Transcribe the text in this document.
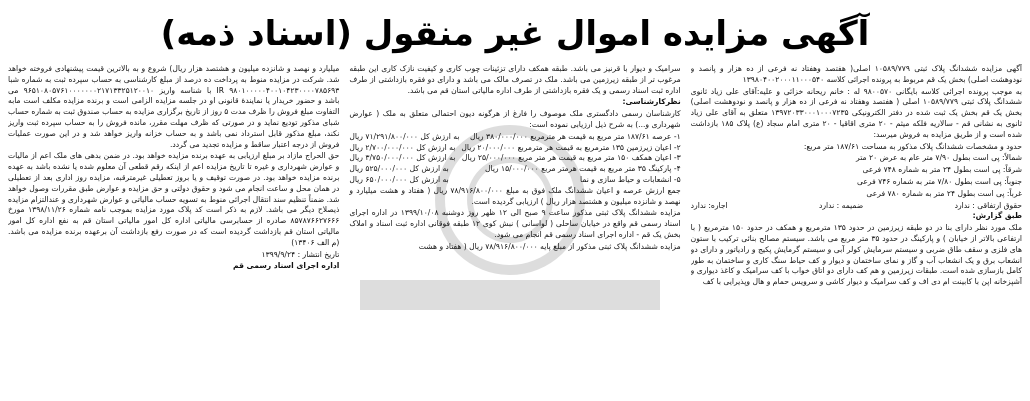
آگهی مزایده اموال غیر منقول (اسناد ذمه)

آگهی مزایده ششدانگ پلاک ثبتی ۱۰۵۸۹/۷۷۹ اصلی( هفتصد وهفتاد نه فرعی از ده هزار و پانصد و نودوهشت اصلی) بخش یک قم مربوط به پرونده اجرائی کلاسه ۱۳۹۸۰۴۰۰۲۰۰۰۱۱۰۰۰۵۴۰

به موجب پرونده اجرائی کلاسه بایگانی ۹۸۰۰۵۷۰ له : خانم ریحانه خزائی و علیه:آقای علی زیاد ثانوی ششدانگ پلاک ثبتی ۱۰۵۸۹/۷۷۹ اصلی ( هفتصد وهفتاد نه فرعی از ده هزار و پانصد و نودوهشت اصلی) بخش یک قم بخش یک ثبت شده در دفتر الکترونیکی ۱۳۹۷۲۰۳۳۰۰۰۱۰۰۰۷۲۳۵ متعلق به آقای علی زیاد ثانوی به نشانی قم - سالاریه فلکه میثم - ۲۰ متری اقاقیا - ۲۰ متری امام سجاد (ع) پلاک ۱۸۵ بازداشت شده است و از طریق مزایده به فروش میرسد:

حدود و مشخصات ششدانگ پلاک مذکور به مساحت ۱۸۷/۶۱ متر مربع:

شمالاً: پی است بطول ۷/۹۰ متر عام به عرض ۲۰ متر

شرقاً: پی است بطول ۲۴ متر به شماره ۷۴۸ فرعی

جنوباً: پی است بطول ۷/۸۰ متر به شماره ۷۴۶ فرعی

غرباً: پی است بطول ۲۴ متر به شماره ۷۸۰ فرعی

حقوق ارتفاقی : ندارد
ضمیمه : ندارد
اجاره: ندارد

طبق گزارش:

ملک مورد نظر دارای بنا در دو طبقه زیرزمین در حدود ۱۳۵ مترمربع و همکف در حدود ۱۵۰ مترمربع ( با ارتفاعی بالاتر از خیابان ) و پارکینگ در حدود ۳۵ متر مربع می باشد. سیستم مصالح بنائی ترکیب با ستون های فلزی و سقف طاق ضربی و سیستم سرمایش کولر آبی و سیستم گرمایش پکیج و رادیاتور و دارای دو انشعاب برق و یک انشعاب آب و گاز و نمای ساختمان و دیوار و کف حیاط سنگ کاری و ساختمان به طور کامل بازسازی شده است. طبقات زیرزمین و هم کف دارای دو اتاق خواب با کف سرامیک و کاغذ دیواری و آشپزخانه اپن با کابینت ام دی اف و کف سرامیک و دیوار کاشی و سرویس حمام و هال وپذیرایی با کف

سرامیک و دیوار با قرنیز می باشد. طبقه همکف دارای تزئینات چوب کاری و کیفیت نازک کاری این طبقه مرغوب تر از طبقه زیرزمین می باشد. ملک در تصرف مالک می باشد و دارای دو فقره بازداشتی از طرف اداره ثبت اسناد رسمی و یک فقره بازداشتی از طرف اداره مالیاتی استان قم می باشد.

نظرکارشناسی:

کارشناسان رسمی دادگستری ملک موصوف را فارغ از هرگونه دیون احتمالی متعلق به ملک ( عوارض شهرداری و...) به شرح ذیل ارزیابی نموده است:

۱- عرصه ۱۸۷/۶۱ متر مربع به قیمت هر مترمربع ۳۸۰/۰۰۰/۰۰۰ ریال
به ارزش کل ۷۱/۲۹۱/۸۰۰/۰۰۰ ریال
۲- اعیان زیرزمین ۱۳۵ مترمربع به قیمت هر مترمربع ۲۰/۰۰۰/۰۰۰ ریال
به ارزش کل ۲/۷۰۰/۰۰۰/۰۰۰ ریال
۳- اعیان همکف ۱۵۰ متر مربع به قیمت هر متر مربع ۲۵/۰۰۰/۰۰۰ ریال
به ارزش کل ۳/۷۵۰/۰۰۰/۰۰۰ ریال
۴- پارکینگ ۳۵ متر مربع به قیمت هرمتر مربع ۱۵/۰۰۰/۰۰۰ ریال
به ارزش کل ۵۲۵/۰۰۰/۰۰۰ ریال
۵- انشعابات و حیاط سازی و نما
به ارزش کل ۶۵۰/۰۰۰/۰۰۰ ریال

جمع ارزش عرصه و اعیان ششدانگ ملک فوق به مبلغ ۷۸/۹۱۶/۸۰۰/۰۰۰ ریال ( هفتاد و هشت میلیارد و نهصد و شانزده میلیون و هشتصد هزار ریال ) ارزیابی گردیده است.

مزایده ششدانگ پلاک ثبتی مذکور ساعت ۹ صبح الی ۱۲ ظهر روز دوشنبه ۱۳۹۹/۱۰/۰۸ در اداره اجرای اسناد رسمی قم واقع در خیابان ساحلی ( لواسانی ) نبش کوی ۱۲ طبقه فوقانی اداره ثبت اسناد و املاک بخش یک قم - اداره اجرای اسناد رسمی قم انجام می شود.

مزایده ششدانگ پلاک ثبتی مذکور از مبلغ پایه ۷۸/۹۱۶/۸۰۰/۰۰۰ ریال ( هفتاد و هشت

میلیارد و نهصد و شانزده میلیون و هشتصد هزار ریال) شروع و به بالاترین قیمت پیشنهادی فروخته خواهد شد. شرکت در مزایده منوط به پرداخت ده درصد از مبلغ کارشناسی به حساب سپرده ثبت به شماره شبا IR ۹۸۰۱۰۰۰۰۰۴۰۰۱۰۴۲۳۰۰۰۰۷۸۵۶۹۳ با شناسه واریز ۹۶۵۱۰۸۰۵۷۶۱۰۰۰۰۰۰۰۲۱۷۱۳۳۲۵۱۲۰۰۱۰ می باشد و حضور خریدار یا نمایندۀ قانونی او در جلسه مزایده الزامی است و برنده مزایده مکلف است مابه التفاوت مبلغ فروش را ظرف مدت ۵ روز از تاریخ برگزاری مزایده به حساب صندوق ثبت به شماره حساب شبای مذکور تودیع نماید و در صورتی که ظرف مهلت مقرر، مانده فروش را به حساب سپرده ثبت واریز نکند، مبلغ مذکور قابل استرداد نمی باشد و به حساب خزانه واریز خواهد شد و در این صورت عملیات فروش از درجه اعتبار ساقط و مزایده تجدید می گردد.

حق الحراج مازاد بر مبلغ ارزیابی به عهده برنده مزایده خواهد بود. در ضمن بدهی های ملک اعم از مالیات و عوارض شهرداری و غیره تا تاریخ مزایده اعم از اینکه رقم قطعی آن معلوم شده یا نشده باشد به عهده برنده مزایده خواهد بود. در صورت توقیف و یا بروز تعطیلی غیرمترقبه، مزایده روز اداری بعد از تعطیلی در همان محل و ساعت انجام می شود و حقوق دولتی و حق مزایده و عوارض طبق مقررات وصول خواهد شد. ضمناً تنظیم سند انتقال اجرائی منوط به تسویه حساب مالیاتی و عوارض شهرداری و عندالتزام مزایده ذیصلاح دیگر می باشد. لازم به ذکر است کد پلاک مورد مزایده بموجب نامه شماره ۱۳۹۸/۱۱/۲۶ مورخ ۸۵۷۸۷۶۶۲۷۶۶۶ صادره از حسابرسی مالیاتی اداره کل امور مالیاتی استان قم به نفع اداره کل امور مالیاتی استان قم بازداشت گردیده است که در صورت رفع بازداشت آن برعهده برنده مزایده می باشد. (م الف ۱۳۴۰۶)

تاریخ انتشار : ۱۳۹۹/۹/۲۴

اداره اجرای اسناد رسمی قم
